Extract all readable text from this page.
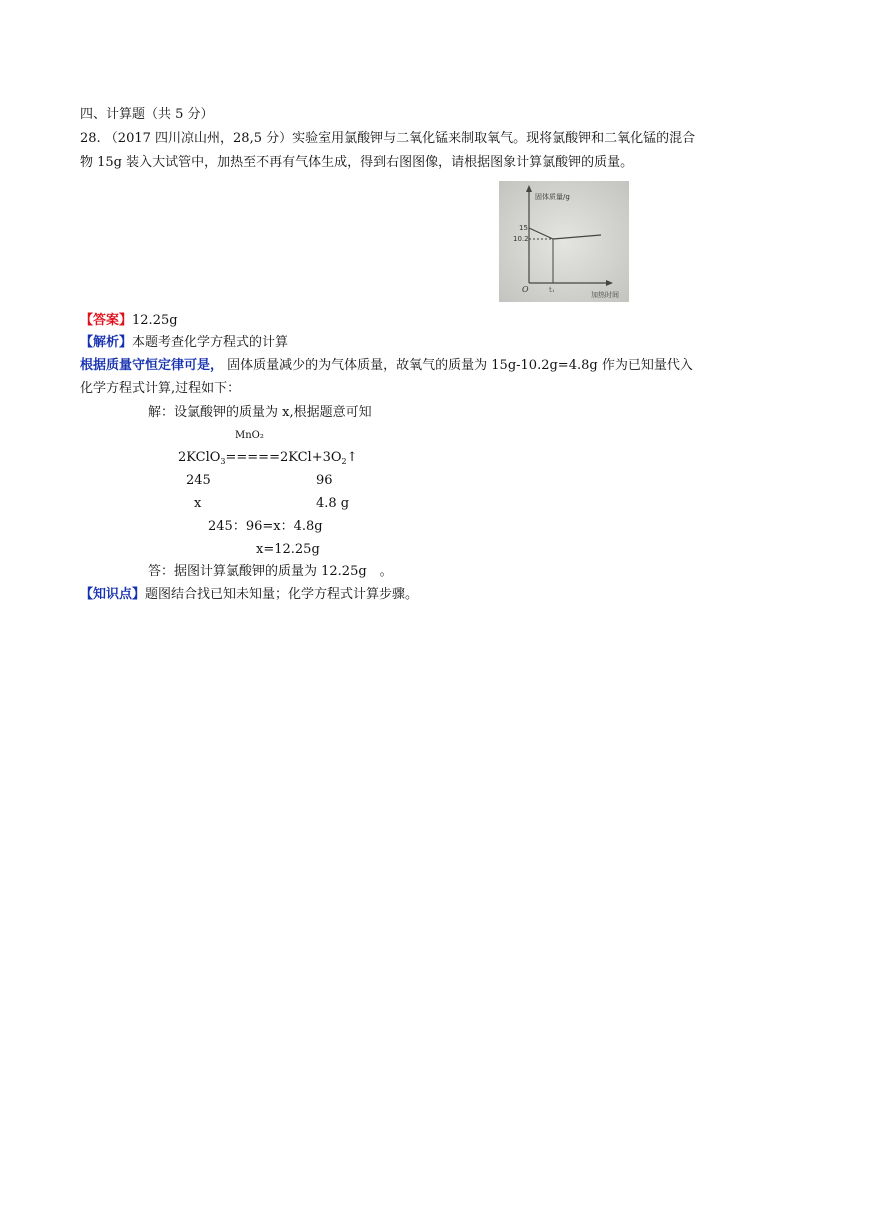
四、计算题（共 5 分）
28. （2017 四川凉山州，28,5 分）实验室用氯酸钾与二氧化锰来制取氧气。现将氯酸钾和二氧化锰的混合
物 15g 装入大试管中，加热至不再有气体生成，得到右图图像，请根据图象计算氯酸钾的质量。
固体质量/g
15
10.2
O	t₁
加热时间
【答案】12.25g
【解析】本题考查化学方程式的计算
根据质量守恒定律可是， 固体质量减少的为气体质量，故氧气的质量为 15g-10.2g=4.8g 作为已知量代入
化学方程式计算,过程如下：
解：设氯酸钾的质量为 x,根据题意可知
MnO₂
$2KClO_3=====2KCl+3O_2↑$
245	96
x	4.8 g
245：96=x：4.8g
x=12.25g
答：据图计算氯酸钾的质量为 12.25g　。
【知识点】题图结合找已知未知量；化学方程式计算步骤。
